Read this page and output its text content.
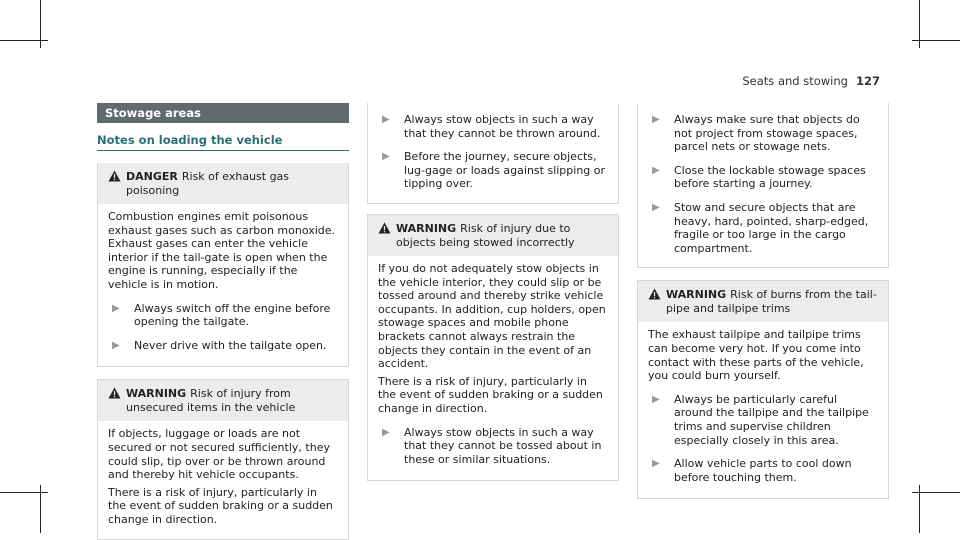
Seats and stowing 127
Stowage areas
Notes on loading the vehicle
DANGER Risk of exhaust gas poisoning

Combustion engines emit poisonous exhaust gases such as carbon monoxide. Exhaust gases can enter the vehicle interior if the tail-gate is open when the engine is running, especially if the vehicle is in motion.

▶	Always switch off the engine before opening the tailgate.
▶	Never drive with the tailgate open.
WARNING Risk of injury from unsecured items in the vehicle

If objects, luggage or loads are not secured or not secured sufficiently, they could slip, tip over or be thrown around and thereby hit vehicle occupants.

There is a risk of injury, particularly in the event of sudden braking or a sudden change in direction.

▶	Always stow objects in such a way that they cannot be thrown around.
▶	Before the journey, secure objects, lug-gage or loads against slipping or tipping over.
WARNING Risk of injury due to objects being stowed incorrectly

If you do not adequately stow objects in the vehicle interior, they could slip or be tossed around and thereby strike vehicle occupants. In addition, cup holders, open stowage spaces and mobile phone brackets cannot always restrain the objects they contain in the event of an accident.

There is a risk of injury, particularly in the event of sudden braking or a sudden change in direction.

▶	Always stow objects in such a way that they cannot be tossed about in these or similar situations.
▶	Always make sure that objects do not project from stowage spaces, parcel nets or stowage nets.
▶	Close the lockable stowage spaces before starting a journey.
▶	Stow and secure objects that are heavy, hard, pointed, sharp-edged, fragile or too large in the cargo compartment.
WARNING Risk of burns from the tail-pipe and tailpipe trims

The exhaust tailpipe and tailpipe trims can become very hot. If you come into contact with these parts of the vehicle, you could burn yourself.

▶	Always be particularly careful around the tailpipe and the tailpipe trims and supervise children especially closely in this area.
▶	Allow vehicle parts to cool down before touching them.
